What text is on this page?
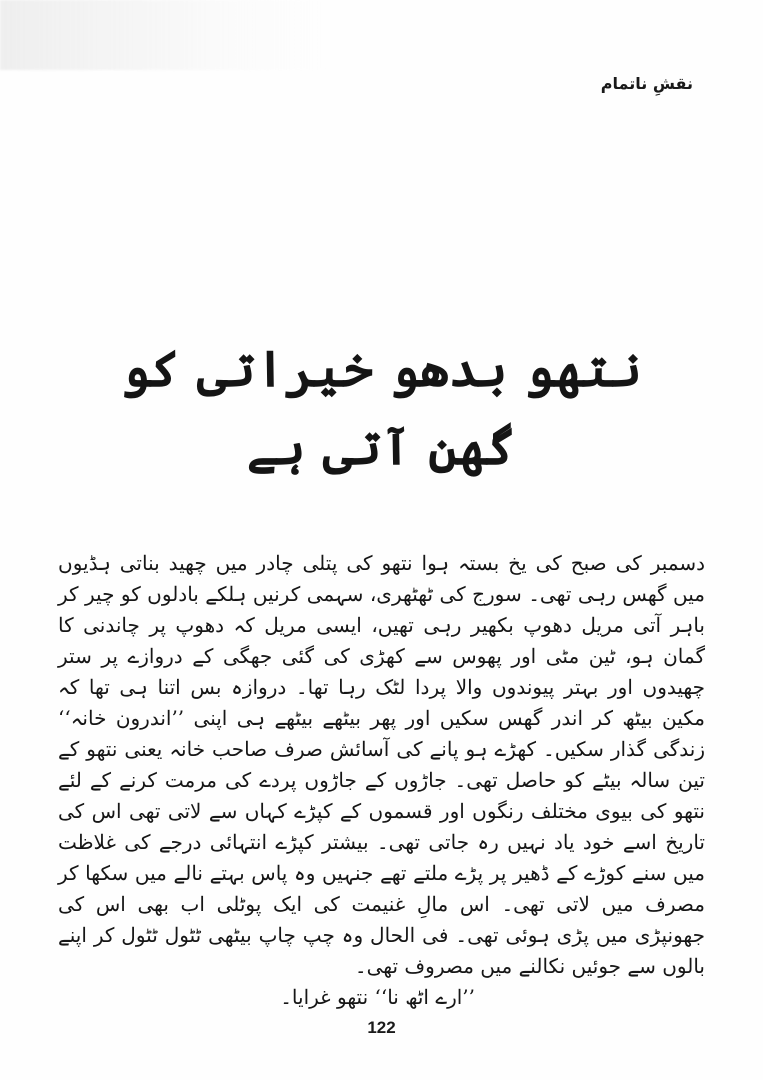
نقشِ ناتمام
نتھو بدھو خیراتی کو گھن آتی ہے

دسمبر کی صبح کی یخ بستہ ہوا نتھو کی پتلی چادر میں چھید بناتی ہڈیوں میں گھس رہی تھی۔ سورج کی ٹھٹھری، سہمی کرنیں ہلکے بادلوں کو چیر کر باہر آتی مریل دھوپ بکھیر رہی تھیں، ایسی مریل کہ دھوپ پر چاندنی کا گمان ہو، ٹین مٹی اور پھوس سے کھڑی کی گئی جھگی کے دروازے پر ستر چھیدوں اور بہتر پیوندوں والا پردا لٹک رہا تھا۔ دروازہ بس اتنا ہی تھا کہ مکین بیٹھ کر اندر گھس سکیں اور پھر بیٹھے بیٹھے ہی اپنی ’’اندرون خانہ‘‘ زندگی گذار سکیں۔ کھڑے ہو پانے کی آسائش صرف صاحب خانہ یعنی نتھو کے تین سالہ بیٹے کو حاصل تھی۔ جاڑوں کے جاڑوں پردے کی مرمت کرنے کے لئے نتھو کی بیوی مختلف رنگوں اور قسموں کے کپڑے کہاں سے لاتی تھی اس کی تاریخ اسے خود یاد نہیں رہ جاتی تھی۔ بیشتر کپڑے انتہائی درجے کی غلاظت میں سنے کوڑے کے ڈھیر پر پڑے ملتے تھے جنہیں وہ پاس بہتے نالے میں سکھا کر مصرف میں لاتی تھی۔ اس مالِ غنیمت کی ایک پوٹلی اب بھی اس کی جھونپڑی میں پڑی ہوئی تھی۔ فی الحال وہ چپ چاپ بیٹھی ٹٹول ٹٹول کر اپنے بالوں سے جوئیں نکالنے میں مصروف تھی۔

’’ارے اٹھ نا‘‘ نتھو غرایا۔

122
